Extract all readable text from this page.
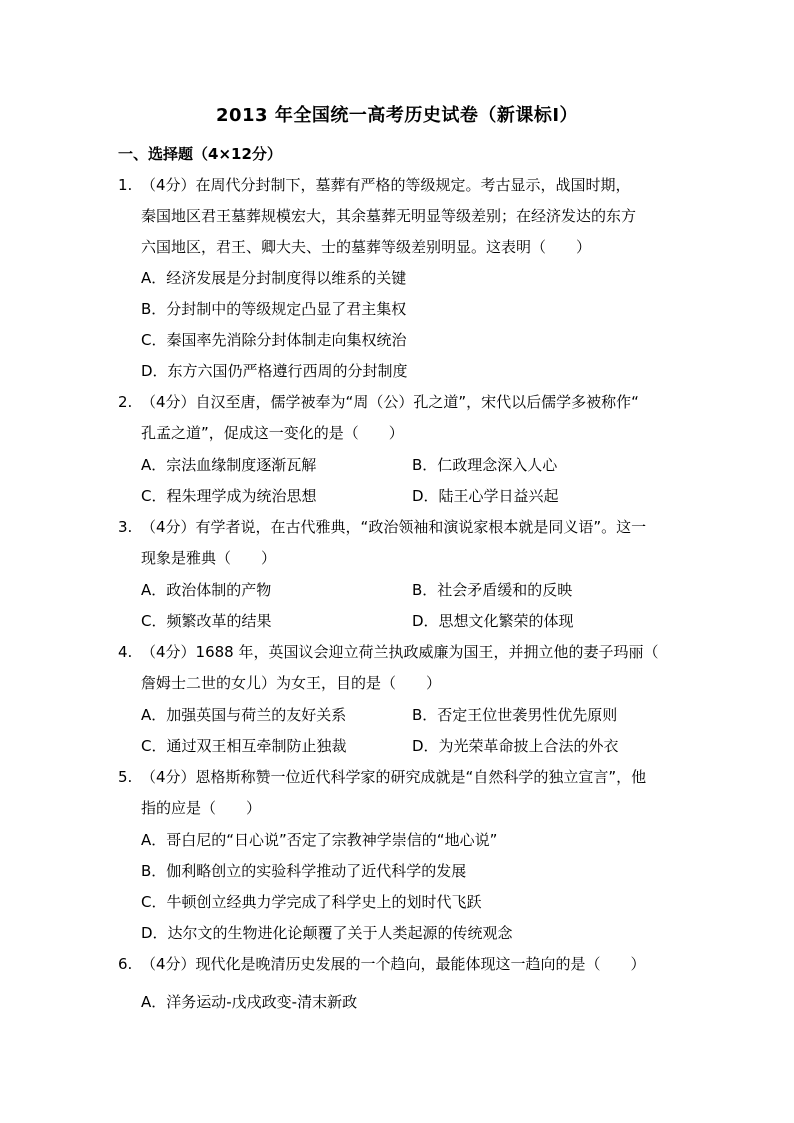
2013 年全国统一高考历史试卷（新课标Ⅰ）
一、选择题（4×12分）
1. （4分）在周代分封制下，墓葬有严格的等级规定。考古显示，战国时期，
秦国地区君王墓葬规模宏大，其余墓葬无明显等级差别；在经济发达的东方
六国地区，君王、卿大夫、士的墓葬等级差别明显。这表明（　　）
A．经济发展是分封制度得以维系的关键
B．分封制中的等级规定凸显了君主集权
C．秦国率先消除分封体制走向集权统治
D．东方六国仍严格遵行西周的分封制度
2. （4分）自汉至唐，儒学被奉为“周（公）孔之道”，宋代以后儒学多被称作“
孔孟之道”，促成这一变化的是（　　）
A．宗法血缘制度逐渐瓦解	B．仁政理念深入人心
C．程朱理学成为统治思想	D．陆王心学日益兴起
3. （4分）有学者说，在古代雅典，“政治领袖和演说家根本就是同义语”。这一
现象是雅典（　　）
A．政治体制的产物	B．社会矛盾缓和的反映
C．频繁改革的结果	D．思想文化繁荣的体现
4. （4分）1688 年，英国议会迎立荷兰执政威廉为国王，并拥立他的妻子玛丽（
詹姆士二世的女儿）为女王，目的是（　　）
A．加强英国与荷兰的友好关系	B．否定王位世袭男性优先原则
C．通过双王相互牵制防止独裁	D．为光荣革命披上合法的外衣
5. （4分）恩格斯称赞一位近代科学家的研究成就是“自然科学的独立宣言”，他
指的应是（　　）
A．哥白尼的“日心说”否定了宗教神学崇信的“地心说”
B．伽利略创立的实验科学推动了近代科学的发展
C．牛顿创立经典力学完成了科学史上的划时代飞跃
D．达尔文的生物进化论颠覆了关于人类起源的传统观念
6. （4分）现代化是晚清历史发展的一个趋向，最能体现这一趋向的是（　　）
A．洋务运动-戊戌政变-清末新政
